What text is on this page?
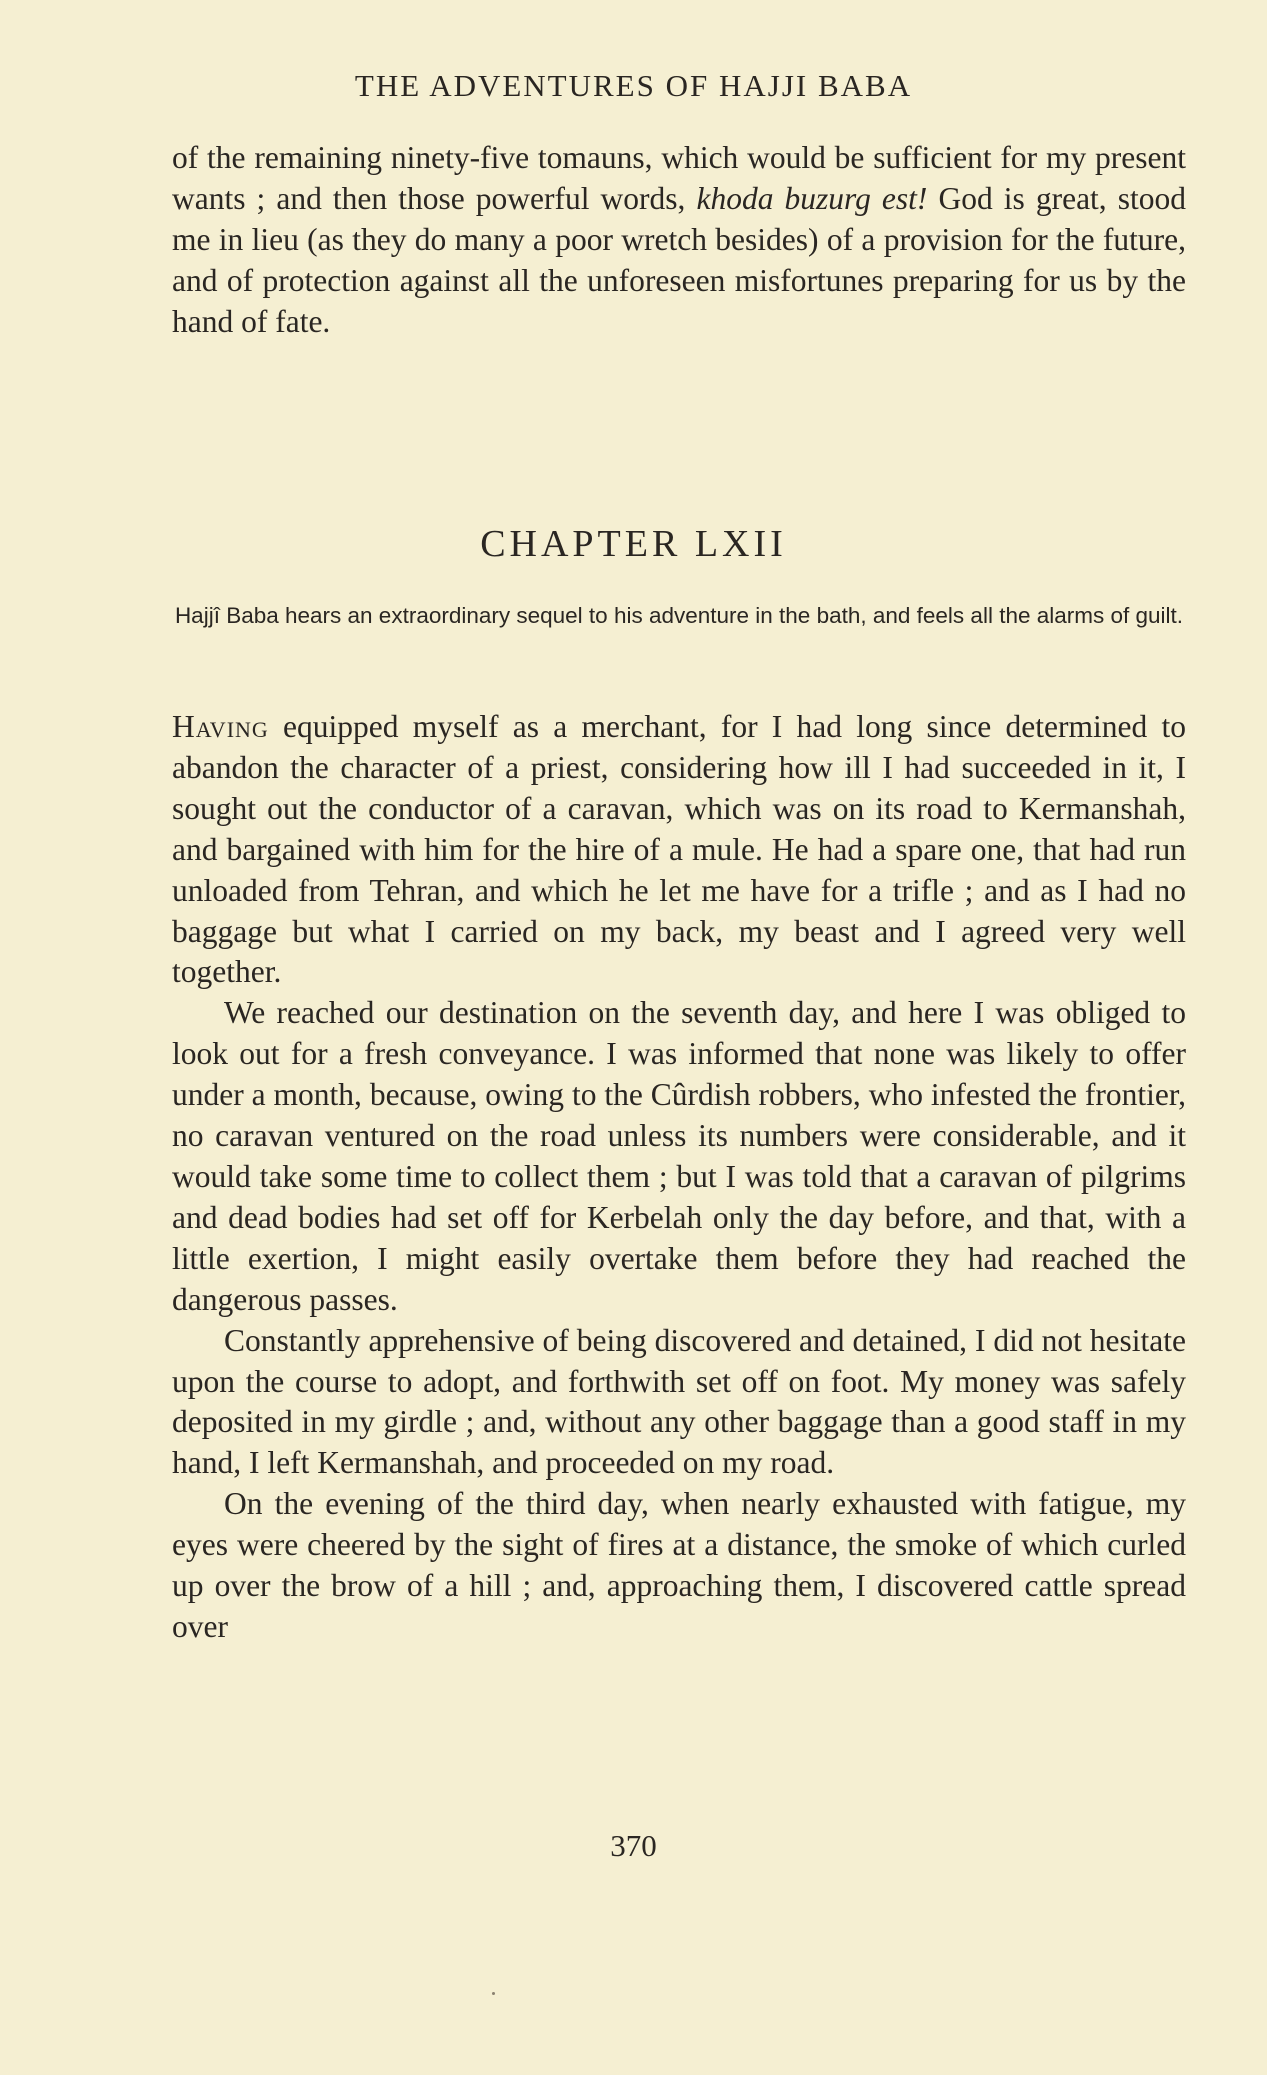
THE ADVENTURES OF HAJJI BABA

of the remaining ninety-five tomauns, which would be sufficient for my present wants ; and then those powerful words, khoda buzurg est! God is great, stood me in lieu (as they do many a poor wretch besides) of a provision for the future, and of protection against all the unforeseen misfortunes preparing for us by the hand of fate.

CHAPTER LXII
Hajjî Baba hears an extraordinary sequel to his adventure in the bath, and feels all the alarms of guilt.

Having equipped myself as a merchant, for I had long since determined to abandon the character of a priest, considering how ill I had succeeded in it, I sought out the conductor of a caravan, which was on its road to Kermanshah, and bargained with him for the hire of a mule. He had a spare one, that had run unloaded from Tehran, and which he let me have for a trifle ; and as I had no baggage but what I carried on my back, my beast and I agreed very well together.

We reached our destination on the seventh day, and here I was obliged to look out for a fresh conveyance. I was informed that none was likely to offer under a month, because, owing to the Cûrdish robbers, who infested the frontier, no caravan ventured on the road unless its numbers were considerable, and it would take some time to collect them ; but I was told that a caravan of pilgrims and dead bodies had set off for Kerbelah only the day before, and that, with a little exertion, I might easily overtake them before they had reached the dangerous passes.

Constantly apprehensive of being discovered and detained, I did not hesitate upon the course to adopt, and forthwith set off on foot. My money was safely deposited in my girdle ; and, without any other baggage than a good staff in my hand, I left Kermanshah, and proceeded on my road.

On the evening of the third day, when nearly exhausted with fatigue, my eyes were cheered by the sight of fires at a distance, the smoke of which curled up over the brow of a hill ; and, approaching them, I discovered cattle spread over

370
